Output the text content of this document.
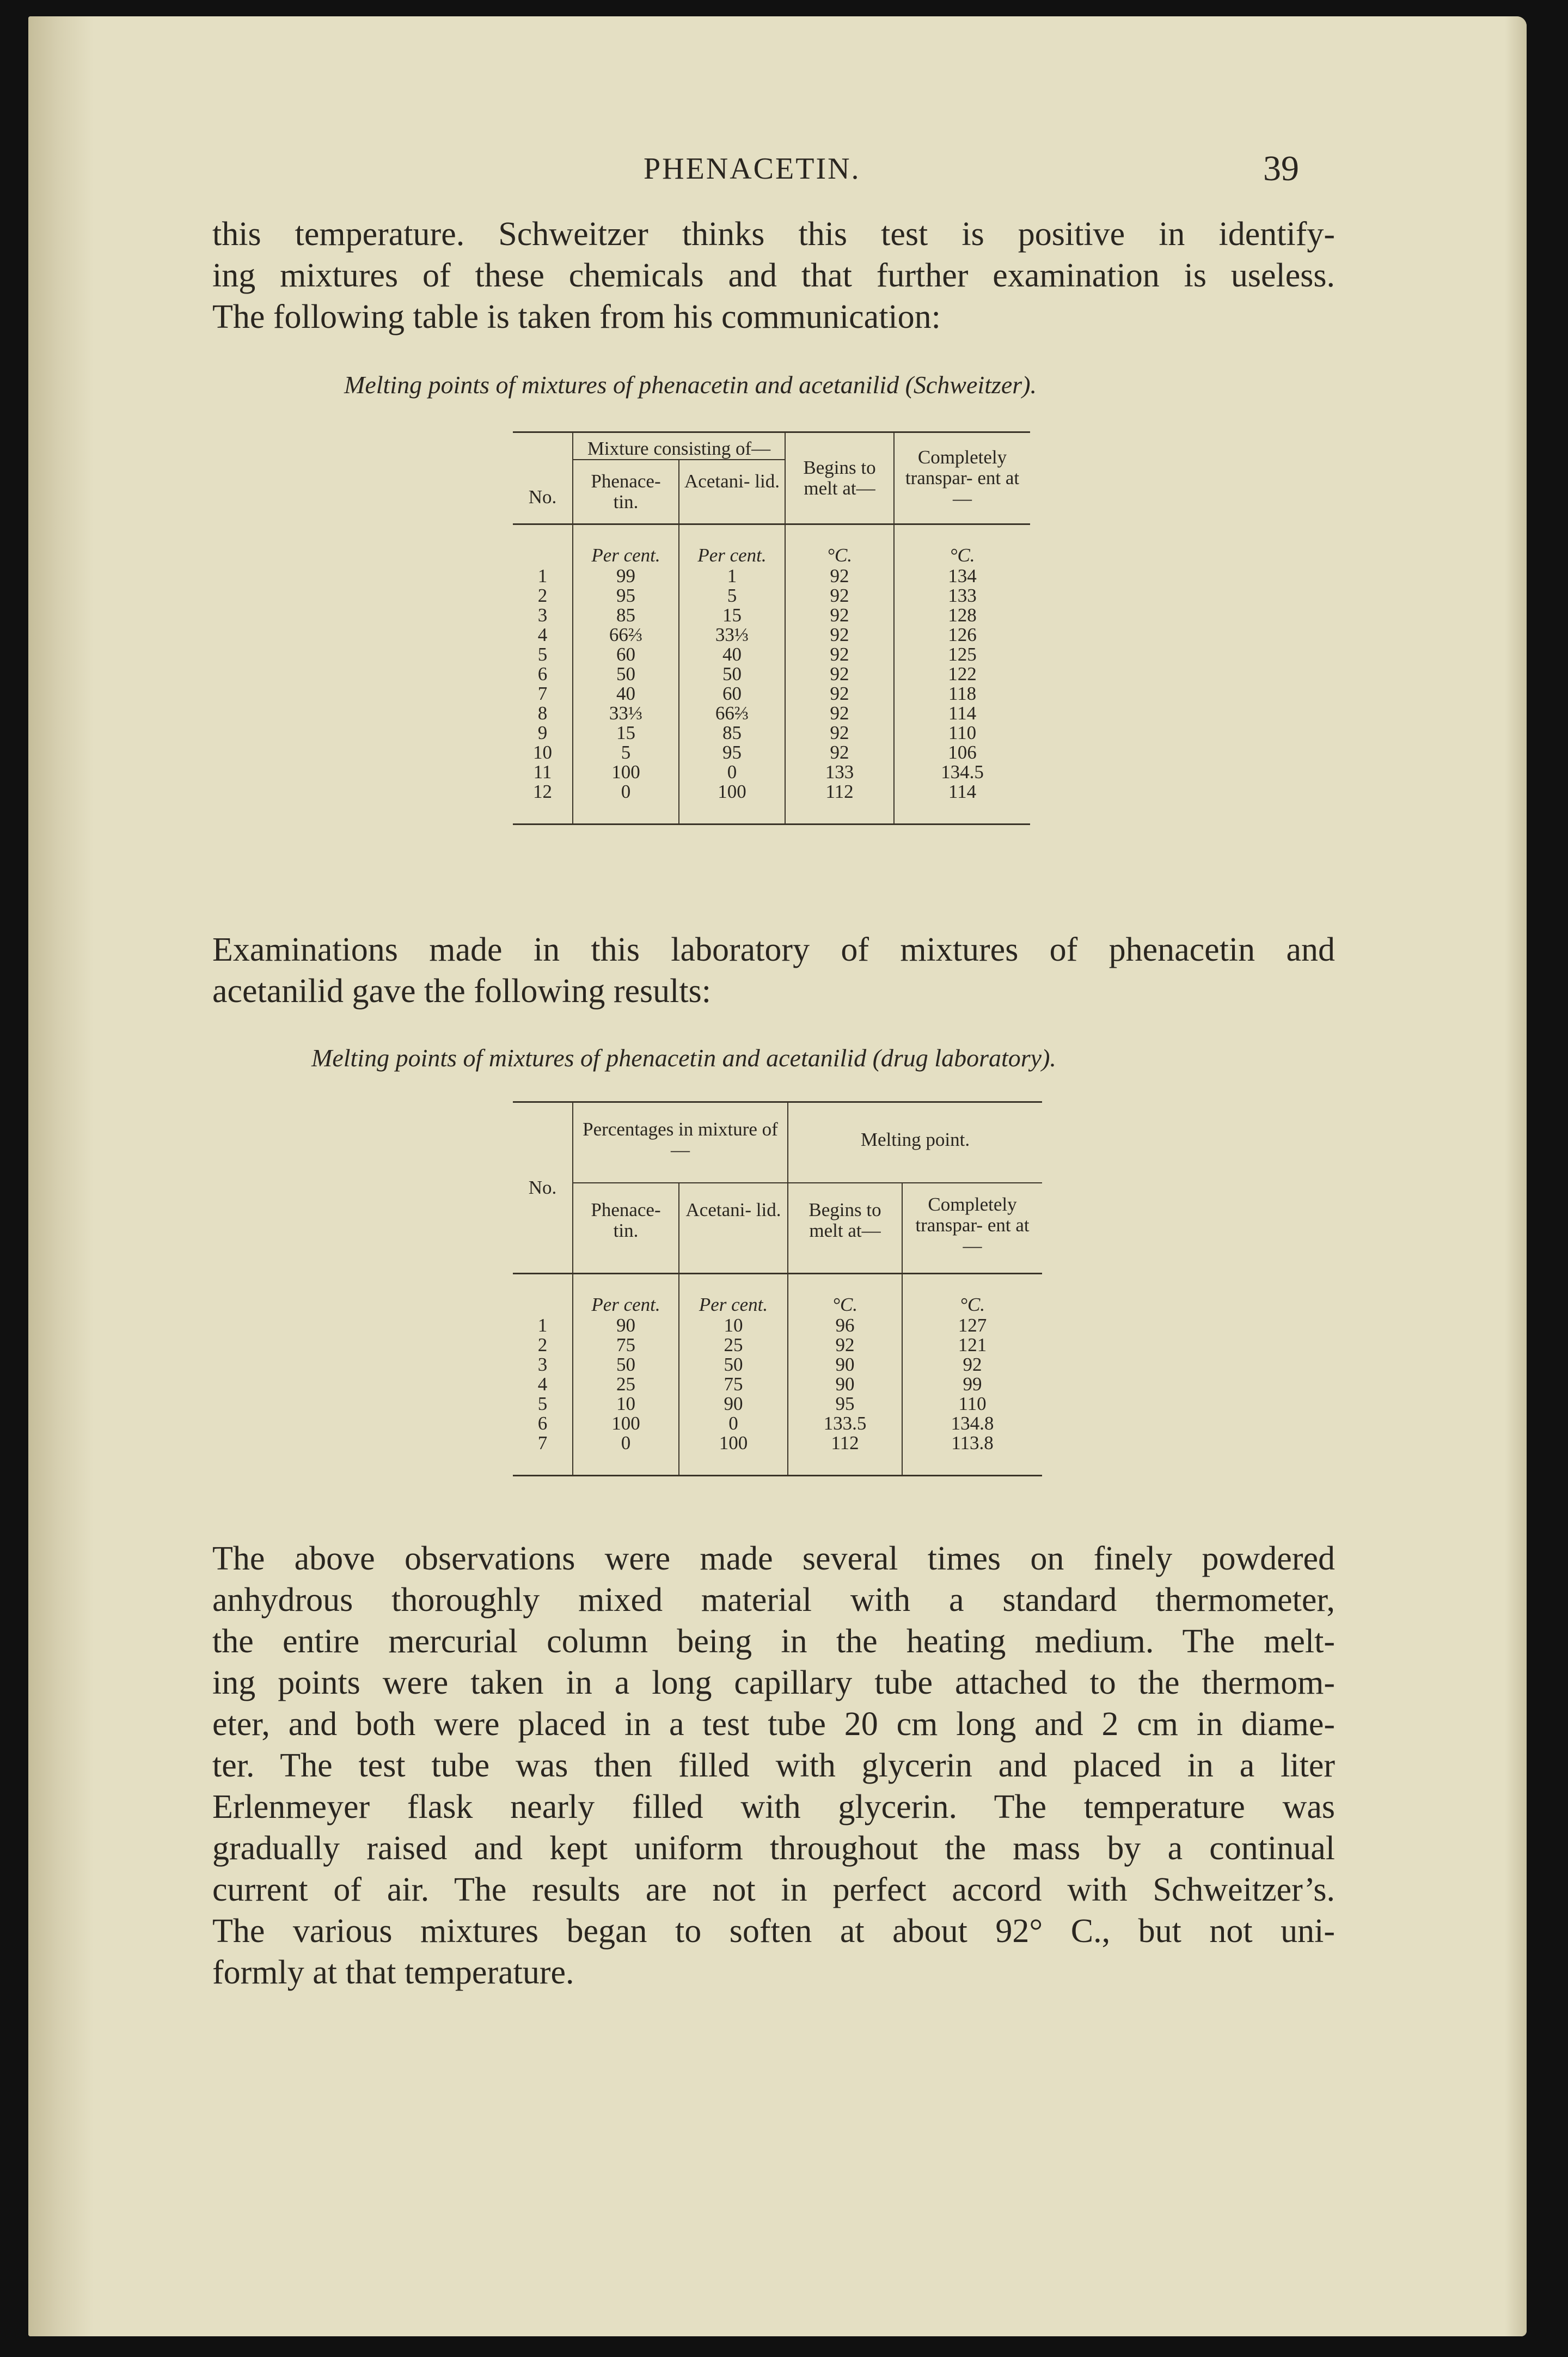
PHENACETIN.	39
this temperature. Schweitzer thinks this test is positive in identify-
ing mixtures of these chemicals and that further examination is useless.
The following table is taken from his communication:
Melting points of mixtures of phenacetin and acetanilid (Schweitzer).
No.	Mixture consisting of—		Begins to melt at—	Completely transpar- ent at—
	Phenace- tin.	Acetani- lid.		
	Per cent.	Per cent.	°C.	°C.
1	99	1	92	134
2	95	5	92	133
3	85	15	92	128
4	66⅔	33⅓	92	126
5	60	40	92	125
6	50	50	92	122
7	40	60	92	118
8	33⅓	66⅔	92	114
9	15	85	92	110
10	5	95	92	106
11	100	0	133	134.5
12	0	100	112	114
Examinations made in this laboratory of mixtures of phenacetin and
acetanilid gave the following results:
Melting points of mixtures of phenacetin and acetanilid (drug laboratory).
No.	Percentages in mixture of—		Melting point.	
	Phenace- tin.	Acetani- lid.	Begins to melt at—	Completely transpar- ent at—
	Per cent.	Per cent.	°C.	°C.
1	90	10	96	127
2	75	25	92	121
3	50	50	90	92
4	25	75	90	99
5	10	90	95	110
6	100	0	133.5	134.8
7	0	100	112	113.8
The above observations were made several times on finely powdered
anhydrous thoroughly mixed material with a standard thermometer,
the entire mercurial column being in the heating medium. The melt-
ing points were taken in a long capillary tube attached to the thermom-
eter, and both were placed in a test tube 20 cm long and 2 cm in diame-
ter. The test tube was then filled with glycerin and placed in a liter
Erlenmeyer flask nearly filled with glycerin. The temperature was
gradually raised and kept uniform throughout the mass by a continual
current of air. The results are not in perfect accord with Schweitzer’s.
The various mixtures began to soften at about 92° C., but not uni-
formly at that temperature.
